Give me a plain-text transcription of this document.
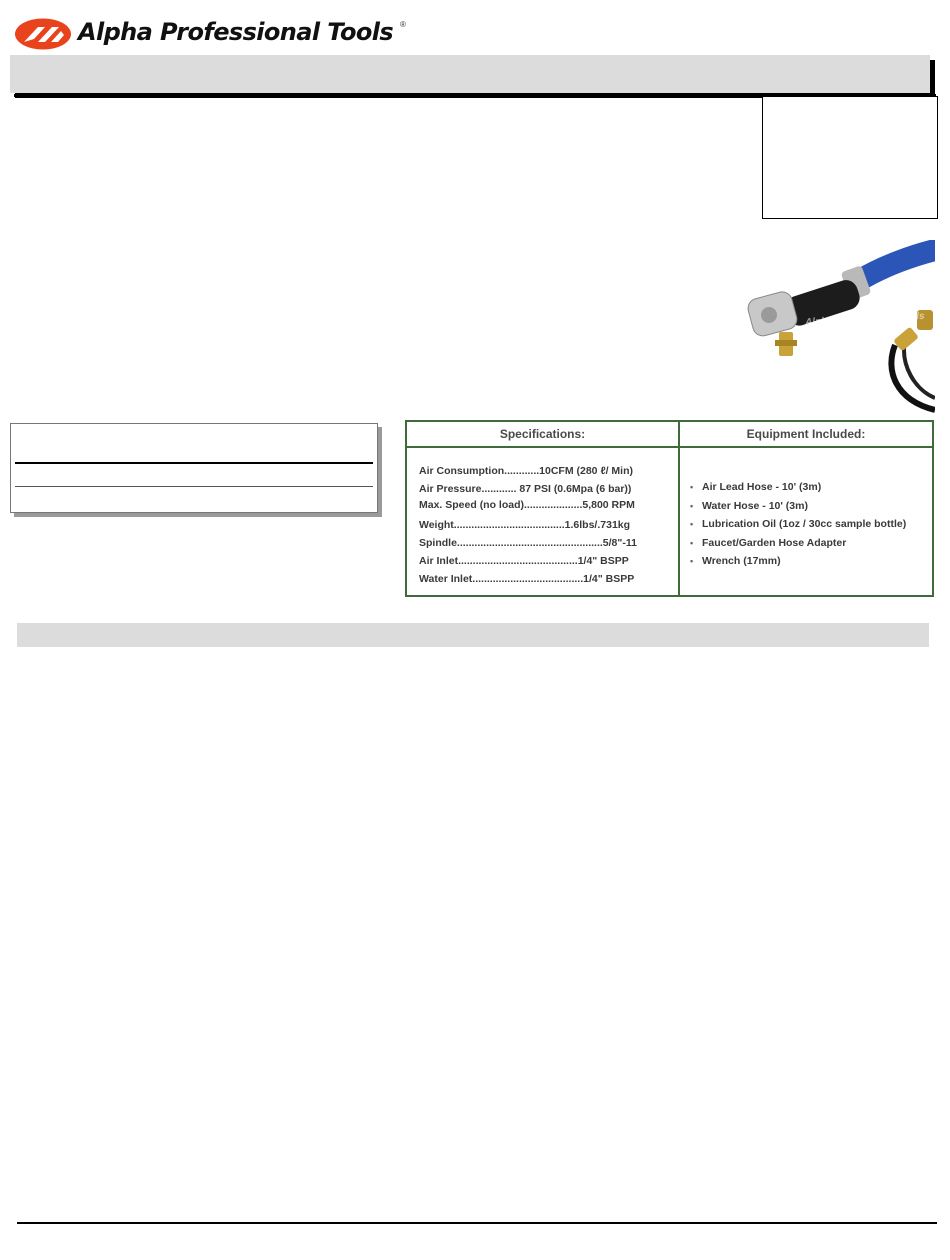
Alpha Professional Tools ®
Alpha Professional Tools
Specifications:
Air Consumption............10CFM (280 ℓ/ Min)
Air Pressure............ 87 PSI (0.6Mpa (6 bar))
Max. Speed (no load)....................5,800 RPM
Weight......................................1.6lbs/.731kg
Spindle..................................................5/8"-11
Air Inlet.........................................1/4" BSPP
Water Inlet......................................1/4" BSPP
Equipment Included:
• Air Lead Hose - 10' (3m)
• Water Hose - 10' (3m)
• Lubrication Oil (1oz / 30cc sample bottle)
• Faucet/Garden Hose Adapter
• Wrench (17mm)
